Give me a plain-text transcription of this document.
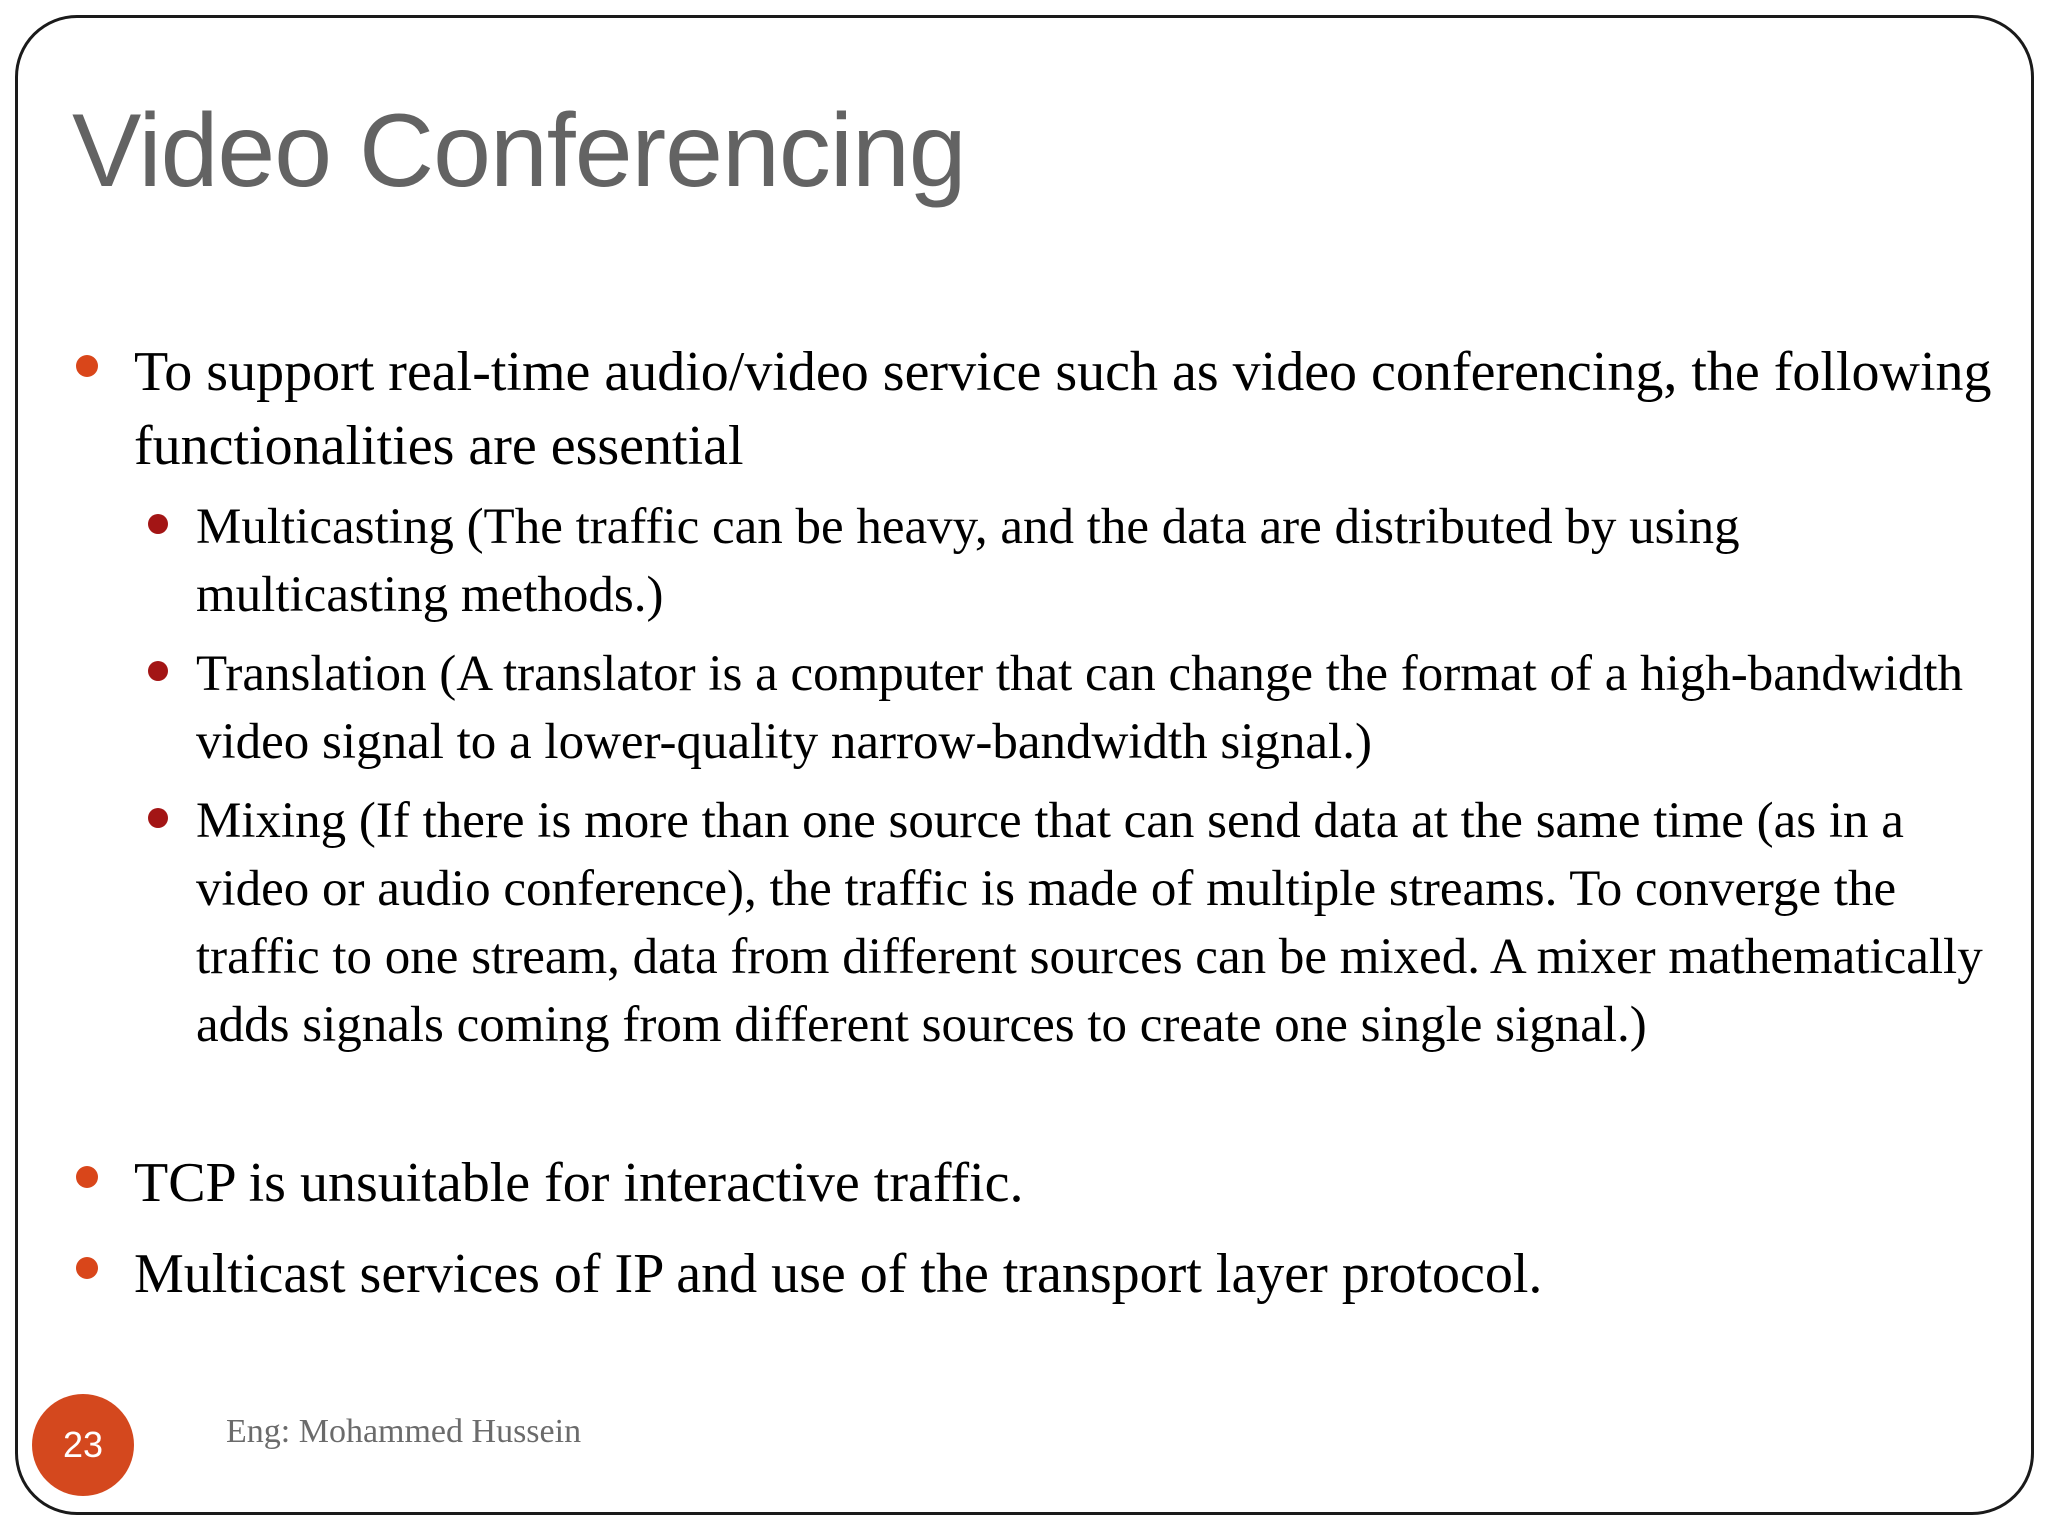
Video Conferencing
To support real-time audio/video service such as video conferencing, the following functionalities are essential
Multicasting (The traffic can be heavy, and the data are distributed by using multicasting methods.)
Translation (A translator is a computer that can change the format of a high-bandwidth video signal to a lower-quality narrow-bandwidth signal.)
Mixing (If there is more than one source that can send data at the same time (as in a video or audio conference), the traffic is made of multiple streams. To converge the traffic to one stream, data from different sources can be mixed. A mixer mathematically adds signals coming from different sources to create one single signal.)
TCP is unsuitable for interactive traffic.
Multicast services of IP and use of the transport layer protocol.
23	Eng: Mohammed Hussein
